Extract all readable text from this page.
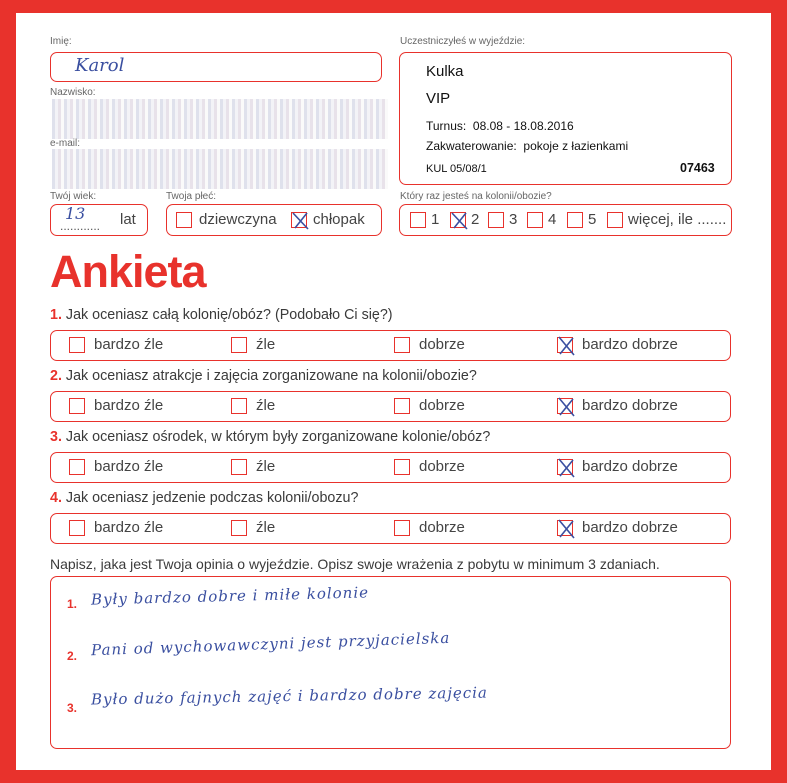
Imię:
Karol
Nazwisko:
e-mail:
Uczestniczyłeś w wyjeździe:
Kulka
VIP
Turnus: 08.08 - 18.08.2016
Zakwaterowanie: pokoje z łazienkami
KUL 05/08/1	07463
Twój wiek:
............
13 lat
Twoja płeć:
dziewczyna chłopak
Który raz jesteś na kolonii/obozie?
1 2 3 4 5 więcej, ile .......
Ankieta
Napisz, jaka jest Twoja opinia o wyjeździe. Opisz swoje wrażenia z pobytu w minimum 3 zdaniach.
1. Były bardzo dobre i miłe kolonie
2. Pani od wychowawczyni jest przyjacielska
3. Było dużo fajnych zajęć i bardzo dobre zajęcia
1. Jak oceniasz całą kolonię/obóz? (Podobało Ci się?)
bardzo źle	źle	dobrze	bardzo dobrze
2. Jak oceniasz atrakcje i zajęcia zorganizowane na kolonii/obozie?
bardzo źle	źle	dobrze	bardzo dobrze
3. Jak oceniasz ośrodek, w którym były zorganizowane kolonie/obóz?
bardzo źle	źle	dobrze	bardzo dobrze
4. Jak oceniasz jedzenie podczas kolonii/obozu?
bardzo źle	źle	dobrze	bardzo dobrze
